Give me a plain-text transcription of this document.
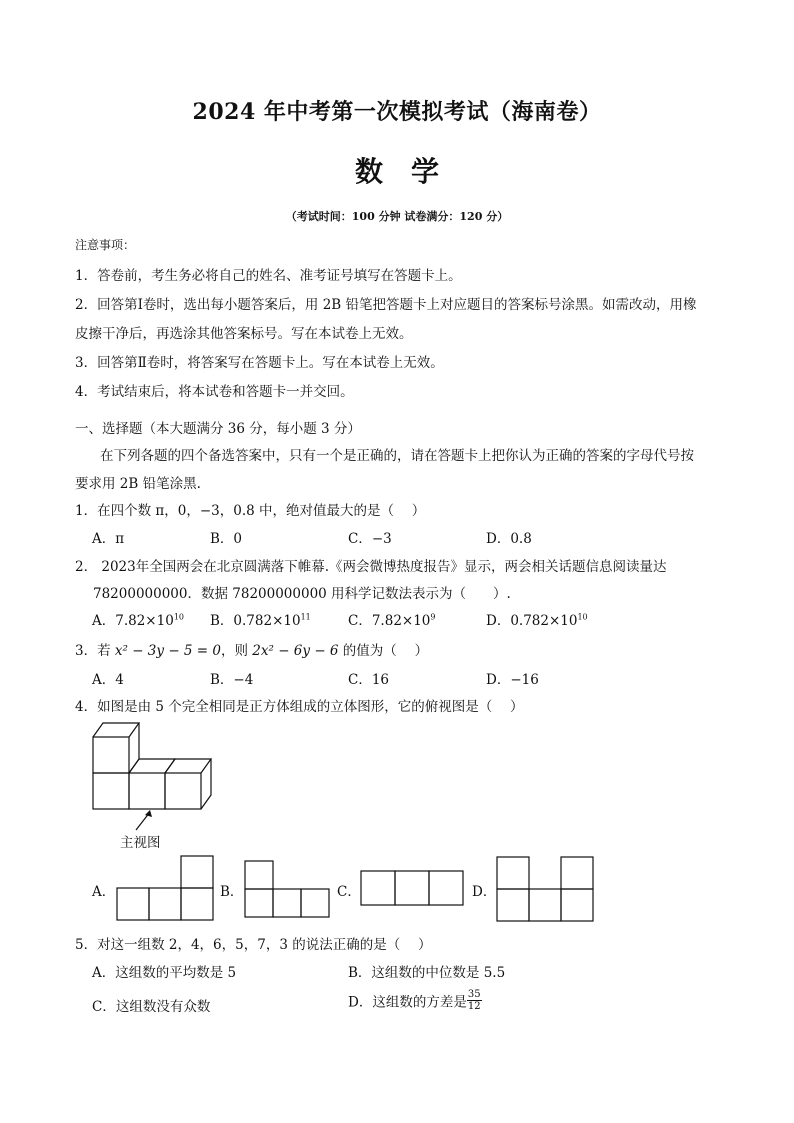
2024 年中考第一次模拟考试（海南卷）
数学
（考试时间：100 分钟 试卷满分：120 分）
注意事项：
1．答卷前，考生务必将自己的姓名、准考证号填写在答题卡上。
2．回答第Ⅰ卷时，选出每小题答案后，用 2B 铅笔把答题卡上对应题目的答案标号涂黑。如需改动，用橡
皮擦干净后，再选涂其他答案标号。写在本试卷上无效。
3．回答第Ⅱ卷时，将答案写在答题卡上。写在本试卷上无效。
4．考试结束后，将本试卷和答题卡一并交回。
一、选择题（本大题满分 36 分，每小题 3 分）
在下列各题的四个备选答案中，只有一个是正确的，请在答题卡上把你认为正确的答案的字母代号按
要求用 2B 铅笔涂黑.
1．在四个数 π，0，−3，0.8 中，绝对值最大的是（　 ）
A．π	B．0	C．−3	D．0.8
2． 2023年全国两会在北京圆满落下帷幕.《两会微博热度报告》显示，两会相关话题信息阅读量达
78200000000．数据 78200000000 用科学记数法表示为（　　）.
A．$7.82\times 10^{10}$ B．$0.782\times 10^{11}$	C．$7.82\times 10^9$	D．$0.782\times 10^{10}$
3．若 x² − 3y − 5 = 0，则 2x² − 6y − 6 的值为（　 ）
A．4	B．−4	C．16	D．−16
4．如图是由 5 个完全相同是正方体组成的立体图形，它的俯视图是（　 ）
主视图
A．	B．	C．	D．
5．对这一组数 2，4，6，5，7，3 的说法正确的是（　 ）
A．这组数的平均数是 5	B．这组数的中位数是 5.5
C．这组数没有众数	D．这组数的方差是 $\frac{35}{12}$
